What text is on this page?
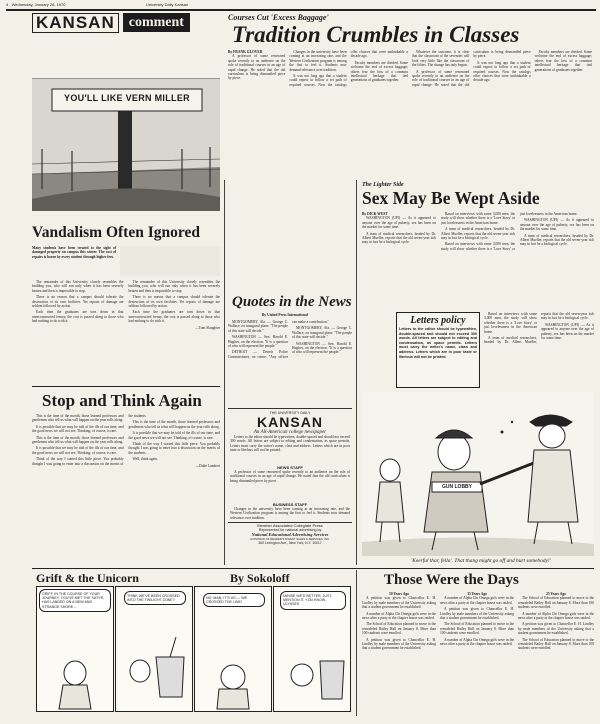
4 Wednesday, January 28, 1970	University Daily Kansan
KANSAN comment
YOU'LL LIKE VERN MILLER
Courses Cut 'Excess Baggage'
Tradition Crumbles in Classes
By FRANK GLOVER

A professor of some renowned spoke recently to an audience on the role of traditional courses in an age of rapid change. He noted that the old curriculum is being dismantled piece by piece.

Changes in the university have been coming at an increasing rate, and the Western Civilization program is among the first to feel it. Students now demand relevance over tradition.

It was not long ago that a student could expect to follow a set path of required courses. Now the catalogs offer choices that were unthinkable a decade ago.

Faculty members are divided. Some welcome the end of excess baggage; others fear the loss of a common intellectual heritage that tied generations of graduates together.

Whatever the outcome, it is clear that the classroom of the seventies will look very little like the classroom of the fifties. The change has only begun.

A professor of some renowned spoke recently to an audience on the role of traditional courses in an age of rapid change. He noted that the old curriculum is being dismantled piece by piece.

It was not long ago that a student could expect to follow a set path of required courses. Now the catalogs offer choices that were unthinkable a decade ago.

Faculty members are divided. Some welcome the end of excess baggage; others fear the loss of a common intellectual heritage that tied generations of graduates together.

Vandalism Often Ignored
Many students have been treated to the sight of damaged property on campus this winter. The cost of repairs is borne by every student through higher fees.

The remainder of this University closely resembles the building you, who will run only when it has been severely beaten and then is impossible to stop.

There is no reason that a campus should tolerate the destruction of its own facilities. Yet reports of damage are seldom followed by action.

Each time the graduates are torn down in that unreconstructed frenzy, the cost is passed along to those who had nothing to do with it.

The remainder of this University closely resembles the building you, who will run only when it has been severely beaten and then is impossible to stop.

There is no reason that a campus should tolerate the destruction of its own facilities. Yet reports of damage are seldom followed by action.

Each time the graduates are torn down in that unreconstructed frenzy, the cost is passed along to those who had nothing to do with it.

—Tom Slaughter
Stop and Think Again

This is the time of the month, those learned professors and gentlemen who tell us what will happen on the year rolls along.

It is possible that we may be told of the ills of our time, and the good news we will not see. Thinking, of course, is rare.

This is the time of the month, those learned professors and gentlemen who tell us what will happen on the year rolls along.

It is possible that we may be told of the ills of our time, and the good news we will not see. Thinking, of course, is rare.

Think of the way I started this little piece. You probably thought I was going to enter into a discussion on the merits of the students.

This is the time of the month, those learned professors and gentlemen who tell us what will happen on the year rolls along.

It is possible that we may be told of the ills of our time, and the good news we will not see. Thinking, of course, is rare.

Think of the way I started this little piece. You probably thought I was going to enter into a discussion on the merits of the students.

Well, think again.

—Duke Lambert
Quotes in the News
By United Press International

MONTGOMERY, Ala. — George C. Wallace, on inaugural plans: "The people of this state will decide."

WASHINGTON — Sen. Harold E. Hughes, on the election: "It is a question of who will represent the people."

DETROIT — Detroit Police Commissioner, on crime: "Any officer can make a contribution."

MONTGOMERY, Ala. — George C. Wallace, on inaugural plans: "The people of this state will decide."

WASHINGTON — Sen. Harold E. Hughes, on the election: "It is a question of who will represent the people."

THE UNIVERSITY DAILY
KANSAN
An All-American college newspaper

Letters to the editor should be typewritten, double-spaced and should not exceed 300 words. All letters are subject to editing and condensation, as space permits. Letters must carry the writer's name, class and address. Letters which are in poor taste or libelous will not be printed.

NEWS STAFF

A professor of some renowned spoke recently to an audience on the role of traditional courses in an age of rapid change. He noted that the old curriculum is being dismantled piece by piece.

BUSINESS STAFF

Changes in the university have been coming at an increasing rate, and the Western Civilization program is among the first to feel it. Students now demand relevance over tradition.

Member Associated Collegiate Press
Represented for national advertising by
National Educational Advertising Services
A DIVISION OF READER'S DIGEST SALES & SERVICES, INC.
360 Lexington Ave., New York, N.Y. 10017
The Lighter Side
Sex May Be Wept Aside
By DICK WEST

WASHINGTON (UPI) — As it appeared to anyone over the age of puberty, sex has been on the market for some time.

A team of medical researchers, headed by Dr. Albert Mueller, reports that the old seven-year itch may in fact be a biological cycle.

Based on interviews with some 3,000 men, the study will show whether there is a 'Love Story' or just lovelessness in the American home.

A team of medical researchers, headed by Dr. Albert Mueller, reports that the old seven-year itch may in fact be a biological cycle.

Based on interviews with some 3,000 men, the study will show whether there is a 'Love Story' or just lovelessness in the American home.

WASHINGTON (UPI) — As it appeared to anyone over the age of puberty, sex has been on the market for some time.

A team of medical researchers, headed by Dr. Albert Mueller, reports that the old seven-year itch may in fact be a biological cycle.

Letters policy
Letters to the editor should be typewritten, double-spaced and should not exceed 300 words. All letters are subject to editing and condensation, as space permits. Letters must carry the writer's name, class and address. Letters which are in poor taste or libelous will not be printed.

Based on interviews with some 3,000 men, the study will show whether there is a 'Love Story' or just lovelessness in the American home.

A team of medical researchers, headed by Dr. Albert Mueller, reports that the old seven-year itch may in fact be a biological cycle.

WASHINGTON (UPI) — As it appeared to anyone over the age of puberty, sex has been on the market for some time.

GUN LOBBY
'Keerful thar, fella'. That thang might go off and hurt somebody!'
Grift & the Unicorn	By Sokoloff
GRIFF, IN THE COURSE OF YOUR JOURNEY, YOU'VE MET THE SATYR, HAS LANDED ON A NEW AND STRANGE SHORE...
THINK WE'VE BEEN CROSSED INTO THE TWILIGHT ZONE?
NO, MAN, IT'S US — WE CROSSED THE LINE!
MAYBE WE'D BETTER, JUST, MENTION IT, YOU KNOW, ULYSSES
Those Were the Days
50 Years Ago

A petition was given to Chancellor E. H. Lindley by male members of the University asking that a student government be established.

A number of Alpha Chi Omega girls were in the news after a party at the chapter house was raided.

The School of Education planned to move to the remodeled Bailey Hall on January 8. More than 100 students were enrolled.

A petition was given to Chancellor E. H. Lindley by male members of the University asking that a student government be established.

35 Years Ago

A number of Alpha Chi Omega girls were in the news after a party at the chapter house was raided.

A petition was given to Chancellor E. H. Lindley by male members of the University asking that a student government be established.

The School of Education planned to move to the remodeled Bailey Hall on January 8. More than 100 students were enrolled.

A number of Alpha Chi Omega girls were in the news after a party at the chapter house was raided.

25 Years Ago

The School of Education planned to move to the remodeled Bailey Hall on January 8. More than 100 students were enrolled.

A number of Alpha Chi Omega girls were in the news after a party at the chapter house was raided.

A petition was given to Chancellor E. H. Lindley by male members of the University asking that a student government be established.

The School of Education planned to move to the remodeled Bailey Hall on January 8. More than 100 students were enrolled.
